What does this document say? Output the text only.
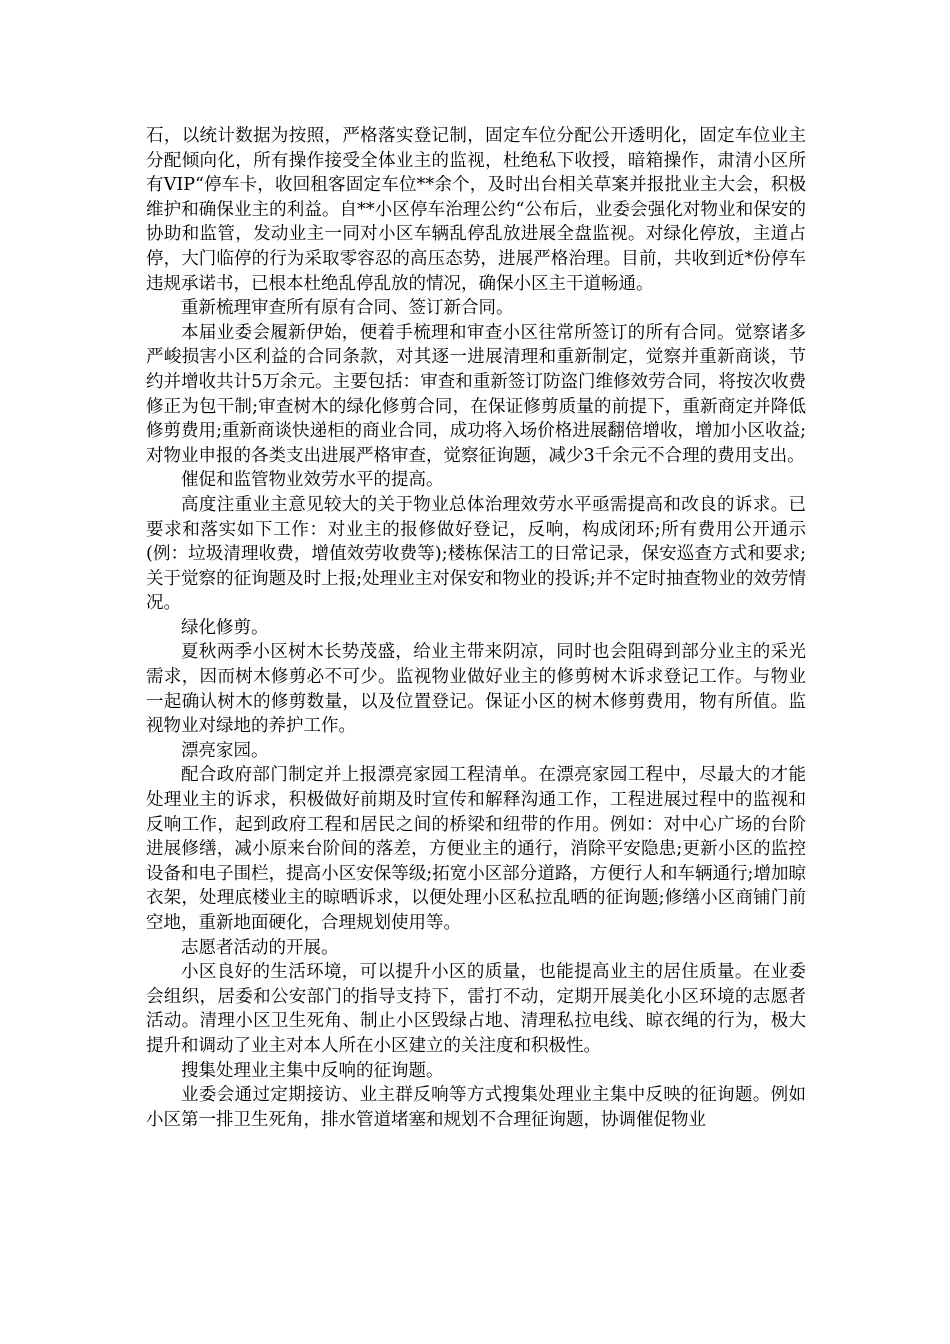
石，以统计数据为按照，严格落实登记制，固定车位分配公开透明化，固定车位业主分配倾向化，所有操作接受全体业主的监视，杜绝私下收授，暗箱操作，肃清小区所有VIP“停车卡，收回租客固定车位**余个，及时出台相关草案并报批业主大会，积极维护和确保业主的利益。自**小区停车治理公约“公布后，业委会强化对物业和保安的协助和监管，发动业主一同对小区车辆乱停乱放进展全盘监视。对绿化停放，主道占停，大门临停的行为采取零容忍的高压态势，进展严格治理。目前，共收到近*份停车违规承诺书，已根本杜绝乱停乱放的情况，确保小区主干道畅通。

重新梳理审查所有原有合同、签订新合同。

本届业委会履新伊始，便着手梳理和审查小区往常所签订的所有合同。觉察诸多严峻损害小区利益的合同条款，对其逐一进展清理和重新制定，觉察并重新商谈，节约并增收共计5万余元。主要包括：审查和重新签订防盗门维修效劳合同，将按次收费修正为包干制;审查树木的绿化修剪合同，在保证修剪质量的前提下，重新商定并降低修剪费用;重新商谈快递柜的商业合同，成功将入场价格进展翻倍增收，增加小区收益;对物业申报的各类支出进展严格审查，觉察征询题，减少3千余元不合理的费用支出。

催促和监管物业效劳水平的提高。

高度注重业主意见较大的关于物业总体治理效劳水平亟需提高和改良的诉求。已要求和落实如下工作：对业主的报修做好登记，反响，构成闭环;所有费用公开通示(例：垃圾清理收费，增值效劳收费等);楼栋保洁工的日常记录，保安巡查方式和要求;关于觉察的征询题及时上报;处理业主对保安和物业的投诉;并不定时抽查物业的效劳情况。

绿化修剪。

夏秋两季小区树木长势茂盛，给业主带来阴凉，同时也会阻碍到部分业主的采光需求，因而树木修剪必不可少。监视物业做好业主的修剪树木诉求登记工作。与物业一起确认树木的修剪数量，以及位置登记。保证小区的树木修剪费用，物有所值。监视物业对绿地的养护工作。

漂亮家园。

配合政府部门制定并上报漂亮家园工程清单。在漂亮家园工程中，尽最大的才能处理业主的诉求，积极做好前期及时宣传和解释沟通工作，工程进展过程中的监视和反响工作，起到政府工程和居民之间的桥梁和纽带的作用。例如：对中心广场的台阶进展修缮，减小原来台阶间的落差，方便业主的通行，消除平安隐患;更新小区的监控设备和电子围栏，提高小区安保等级;拓宽小区部分道路，方便行人和车辆通行;增加晾衣架，处理底楼业主的晾晒诉求，以便处理小区私拉乱晒的征询题;修缮小区商铺门前空地，重新地面硬化，合理规划使用等。

志愿者活动的开展。

小区良好的生活环境，可以提升小区的质量，也能提高业主的居住质量。在业委会组织，居委和公安部门的指导支持下，雷打不动，定期开展美化小区环境的志愿者活动。清理小区卫生死角、制止小区毁绿占地、清理私拉电线、晾衣绳的行为，极大提升和调动了业主对本人所在小区建立的关注度和积极性。

搜集处理业主集中反响的征询题。

业委会通过定期接访、业主群反响等方式搜集处理业主集中反映的征询题。例如小区第一排卫生死角，排水管道堵塞和规划不合理征询题，协调催促物业
